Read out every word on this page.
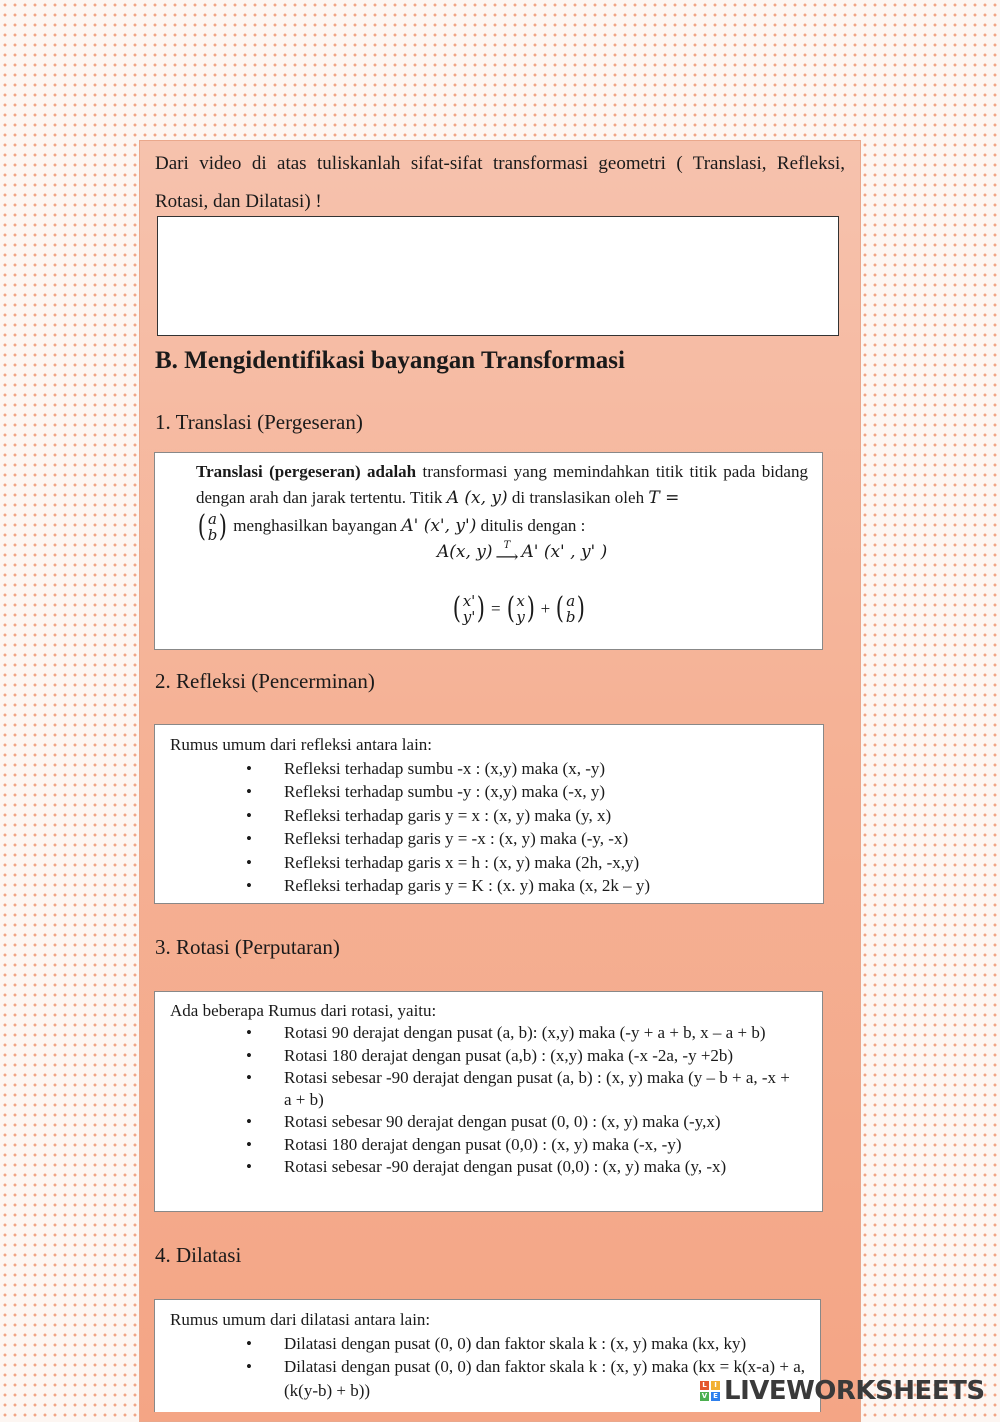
Dari video di atas tuliskanlah sifat-sifat transformasi geometri ( Translasi, Refleksi, Rotasi, dan Dilatasi) !
B. Mengidentifikasi bayangan Transformasi
1. Translasi (Pergeseran)
Translasi (pergeseran) adalah transformasi yang memindahkan titik titik pada bidang dengan arah dan jarak tertentu. Titik A (x, y) di translasikan oleh T =

( a
b ) menghasilkan bayangan A' (x', y') ditulis dengan :
A(x, y) T
⟶ A' (x' , y' )
( x'
y' ) = ( x
y ) + ( a
b )
2. Refleksi (Pencerminan)
Rumus umum dari refleksi antara lain:
• Refleksi terhadap sumbu -x : (x,y) maka (x, -y)
• Refleksi terhadap sumbu -y : (x,y) maka (-x, y)
• Refleksi terhadap garis y = x : (x, y) maka (y, x)
• Refleksi terhadap garis y = -x : (x, y) maka (-y, -x)
• Refleksi terhadap garis x = h : (x, y) maka (2h, -x,y)
• Refleksi terhadap garis y = K : (x. y) maka (x, 2k – y)
3. Rotasi (Perputaran)
Ada beberapa Rumus dari rotasi, yaitu:
• Rotasi 90 derajat dengan pusat (a, b): (x,y) maka (-y + a + b, x – a + b)
• Rotasi 180 derajat dengan pusat (a,b) : (x,y) maka (-x -2a, -y +2b)
• Rotasi sebesar -90 derajat dengan pusat (a, b) : (x, y) maka (y – b + a, -x + a + b)
• Rotasi sebesar 90 derajat dengan pusat (0, 0) : (x, y) maka (-y,x)
• Rotasi 180 derajat dengan pusat (0,0) : (x, y) maka (-x, -y)
• Rotasi sebesar -90 derajat dengan pusat (0,0) : (x, y) maka (y, -x)
4. Dilatasi
Rumus umum dari dilatasi antara lain:
• Dilatasi dengan pusat (0, 0) dan faktor skala k : (x, y) maka (kx, ky)
• Dilatasi dengan pusat (0, 0) dan faktor skala k : (x, y) maka (kx = k(x-a) + a, (k(y-b) + b))	L	I
V E LIVEWORKSHEETS
